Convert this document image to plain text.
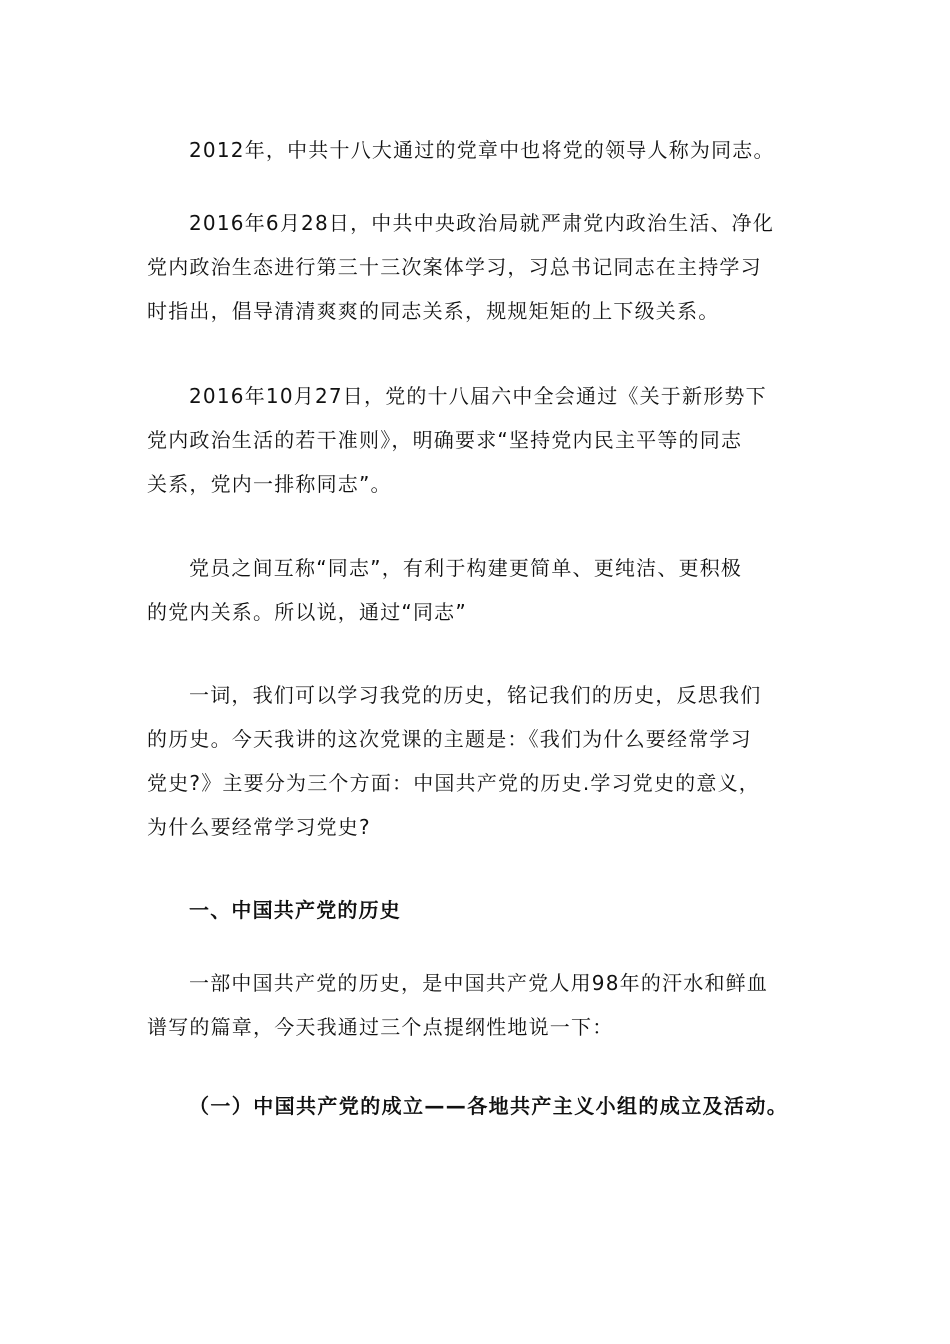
2012年，中共十八大通过的党章中也将党的领导人称为同志。

2016年6月28日，中共中央政治局就严肃党内政治生活、净化
党内政治生态进行第三十三次案体学习，习总书记同志在主持学习
时指出，倡导清清爽爽的同志关系，规规矩矩的上下级关系。

2016年10月27日，党的十八届六中全会通过《关于新形势下
党内政治生活的若干准则》，明确要求“坚持党内民主平等的同志
关系，党内一排称同志”。

党员之间互称“同志”，有利于构建更简单、更纯洁、更积极
的党内关系。所以说，通过“同志”

一词，我们可以学习我党的历史，铭记我们的历史，反思我们
的历史。今天我讲的这次党课的主题是：《我们为什么要经常学习
党史?》主要分为三个方面：中国共产党的历史.学习党史的意义，
为什么要经常学习党史?

一、中国共产党的历史

一部中国共产党的历史，是中国共产党人用98年的汗水和鲜血
谱写的篇章，今天我通过三个点提纲性地说一下：

（一）中国共产党的成立——各地共产主义小组的成立及活动。
